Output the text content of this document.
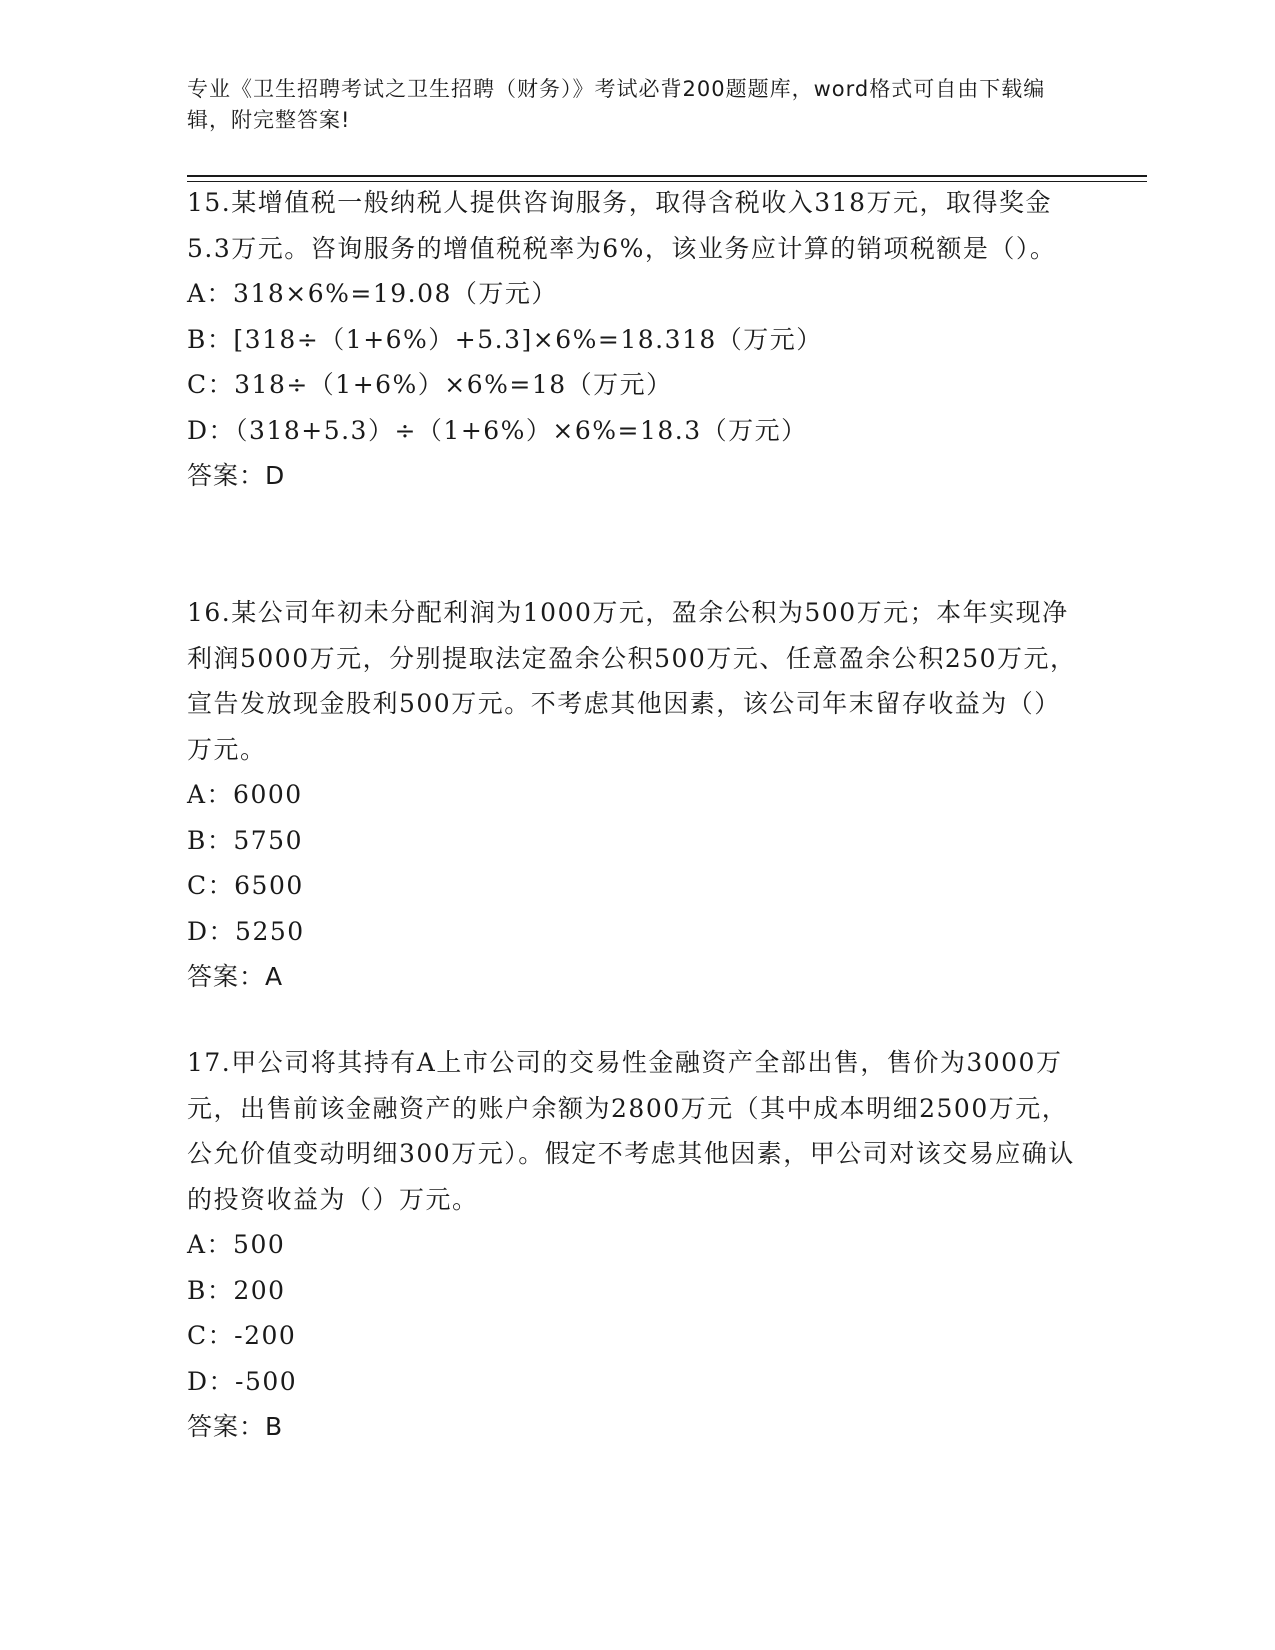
专业《卫生招聘考试之卫生招聘（财务）》考试必背200题题库，word格式可自由下载编辑，附完整答案!

15.某增值税一般纳税人提供咨询服务，取得含税收入318万元，取得奖金5.3万元。咨询服务的增值税税率为6%，该业务应计算的销项税额是（）。

A：318×6%=19.08（万元）

B：[318÷（1+6%）+5.3]×6%=18.318（万元）

C：318÷（1+6%）×6%=18（万元）

D：（318+5.3）÷（1+6%）×6%=18.3（万元）

答案：D

16.某公司年初未分配利润为1000万元，盈余公积为500万元；本年实现净利润5000万元，分别提取法定盈余公积500万元、任意盈余公积250万元，宣告发放现金股利500万元。不考虑其他因素，该公司年末留存收益为（）万元。

A：6000

B：5750

C：6500

D：5250

答案：A

17.甲公司将其持有A上市公司的交易性金融资产全部出售，售价为3000万元，出售前该金融资产的账户余额为2800万元（其中成本明细2500万元，公允价值变动明细300万元）。假定不考虑其他因素，甲公司对该交易应确认的投资收益为（）万元。

A：500

B：200

C：-200

D：-500

答案：B
